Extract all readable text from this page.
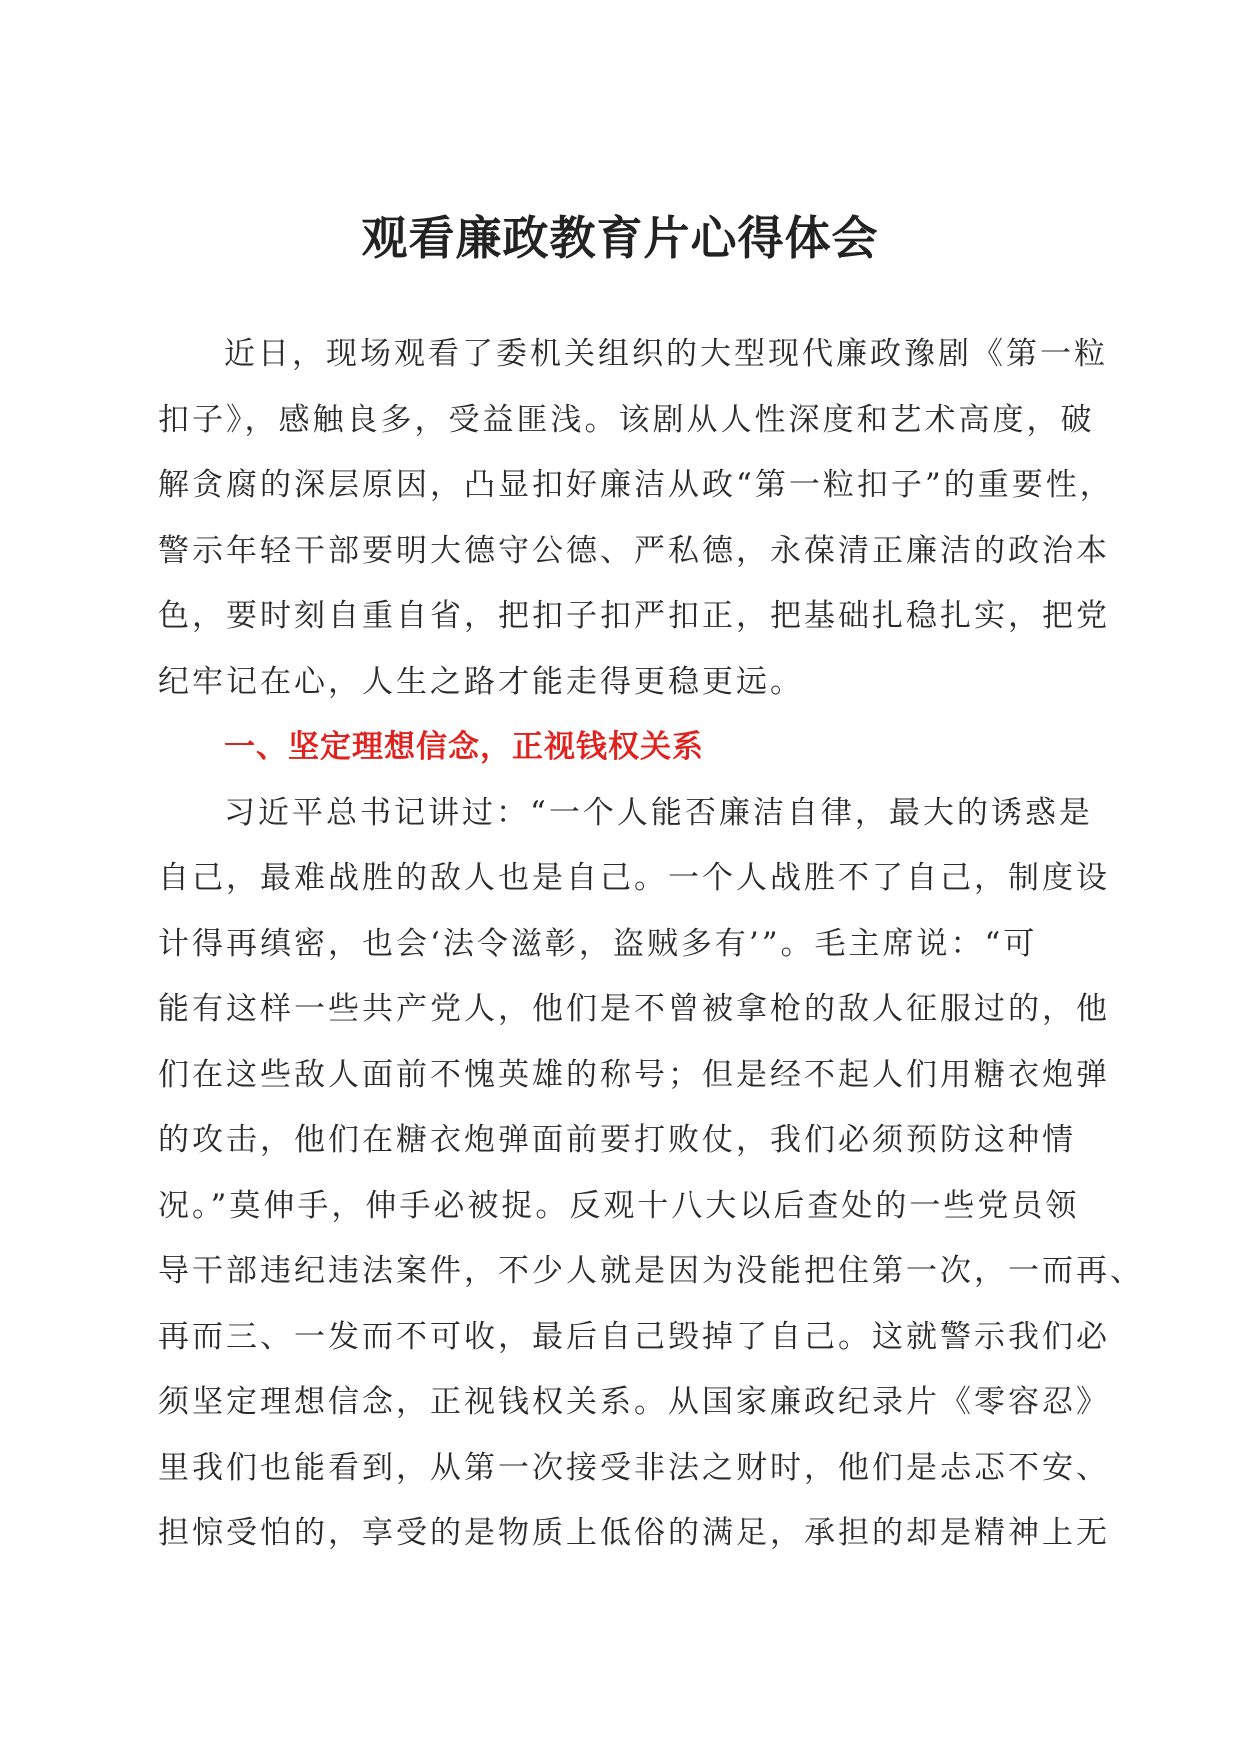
观看廉政教育片心得体会
近日，现场观看了委机关组织的大型现代廉政豫剧《第一粒
扣子》，感触良多，受益匪浅。该剧从人性深度和艺术高度，破
解贪腐的深层原因，凸显扣好廉洁从政“第一粒扣子”的重要性，
警示年轻干部要明大德守公德、严私德，永葆清正廉洁的政治本
色，要时刻自重自省，把扣子扣严扣正，把基础扎稳扎实，把党
纪牢记在心，人生之路才能走得更稳更远。
一、坚定理想信念，正视钱权关系
习近平总书记讲过：“一个人能否廉洁自律，最大的诱惑是
自己，最难战胜的敌人也是自己。一个人战胜不了自己，制度设
计得再缜密，也会‘法令滋彰，盗贼多有’”。毛主席说：“可
能有这样一些共产党人，他们是不曾被拿枪的敌人征服过的，他
们在这些敌人面前不愧英雄的称号；但是经不起人们用糖衣炮弹
的攻击，他们在糖衣炮弹面前要打败仗，我们必须预防这种情
况。”莫伸手，伸手必被捉。反观十八大以后查处的一些党员领
导干部违纪违法案件，不少人就是因为没能把住第一次，一而再、
再而三、一发而不可收，最后自己毁掉了自己。这就警示我们必
须坚定理想信念，正视钱权关系。从国家廉政纪录片《零容忍》
里我们也能看到，从第一次接受非法之财时，他们是忐忑不安、
担惊受怕的，享受的是物质上低俗的满足，承担的却是精神上无
